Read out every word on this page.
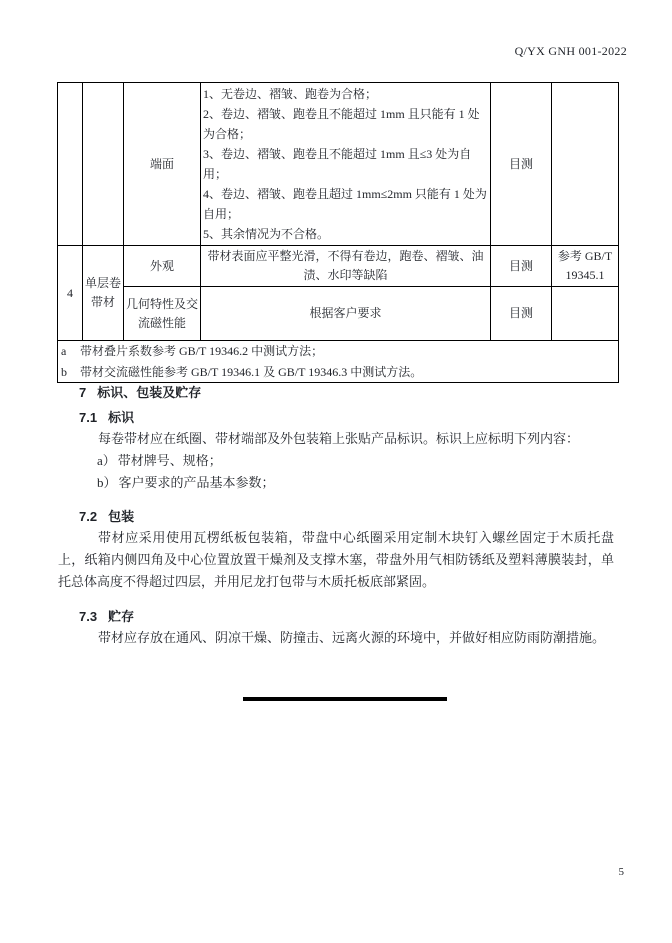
Q/YX GNH 001-2022
		端面	1、无卷边、褶皱、跑卷为合格；
2、卷边、褶皱、跑卷且不能超过 1mm 且只能有 1 处为合格；
3、卷边、褶皱、跑卷且不能超过 1mm 且≤3 处为自用；
4、卷边、褶皱、跑卷且超过 1mm≤2mm 只能有 1 处为自用；
5、其余情况为不合格。	目测	
4	单层卷带材	外观	带材表面应平整光滑，不得有卷边，跑卷、褶皱、油渍、水印等缺陷	目测	参考 GB/T 19345.1
		几何特性及交流磁性能	根据客户要求	目测	
a 带材叠片系数参考 GB/T 19346.2 中测试方法；					
b 带材交流磁性能参考 GB/T 19346.1 及 GB/T 19346.3 中测试方法。					
7 标识、包装及贮存
7.1 标识
每卷带材应在纸圈、带材端部及外包装箱上张贴产品标识。标识上应标明下列内容：
a） 带材牌号、规格；
b） 客户要求的产品基本参数；
7.2 包装
带材应采用使用瓦楞纸板包装箱，带盘中心纸圈采用定制木块钉入螺丝固定于木质托盘上，纸箱内侧四角及中心位置放置干燥剂及支撑木塞，带盘外用气相防锈纸及塑料薄膜装封，单托总体高度不得超过四层，并用尼龙打包带与木质托板底部紧固。
7.3 贮存
带材应存放在通风、阴凉干燥、防撞击、远离火源的环境中，并做好相应防雨防潮措施。
5
